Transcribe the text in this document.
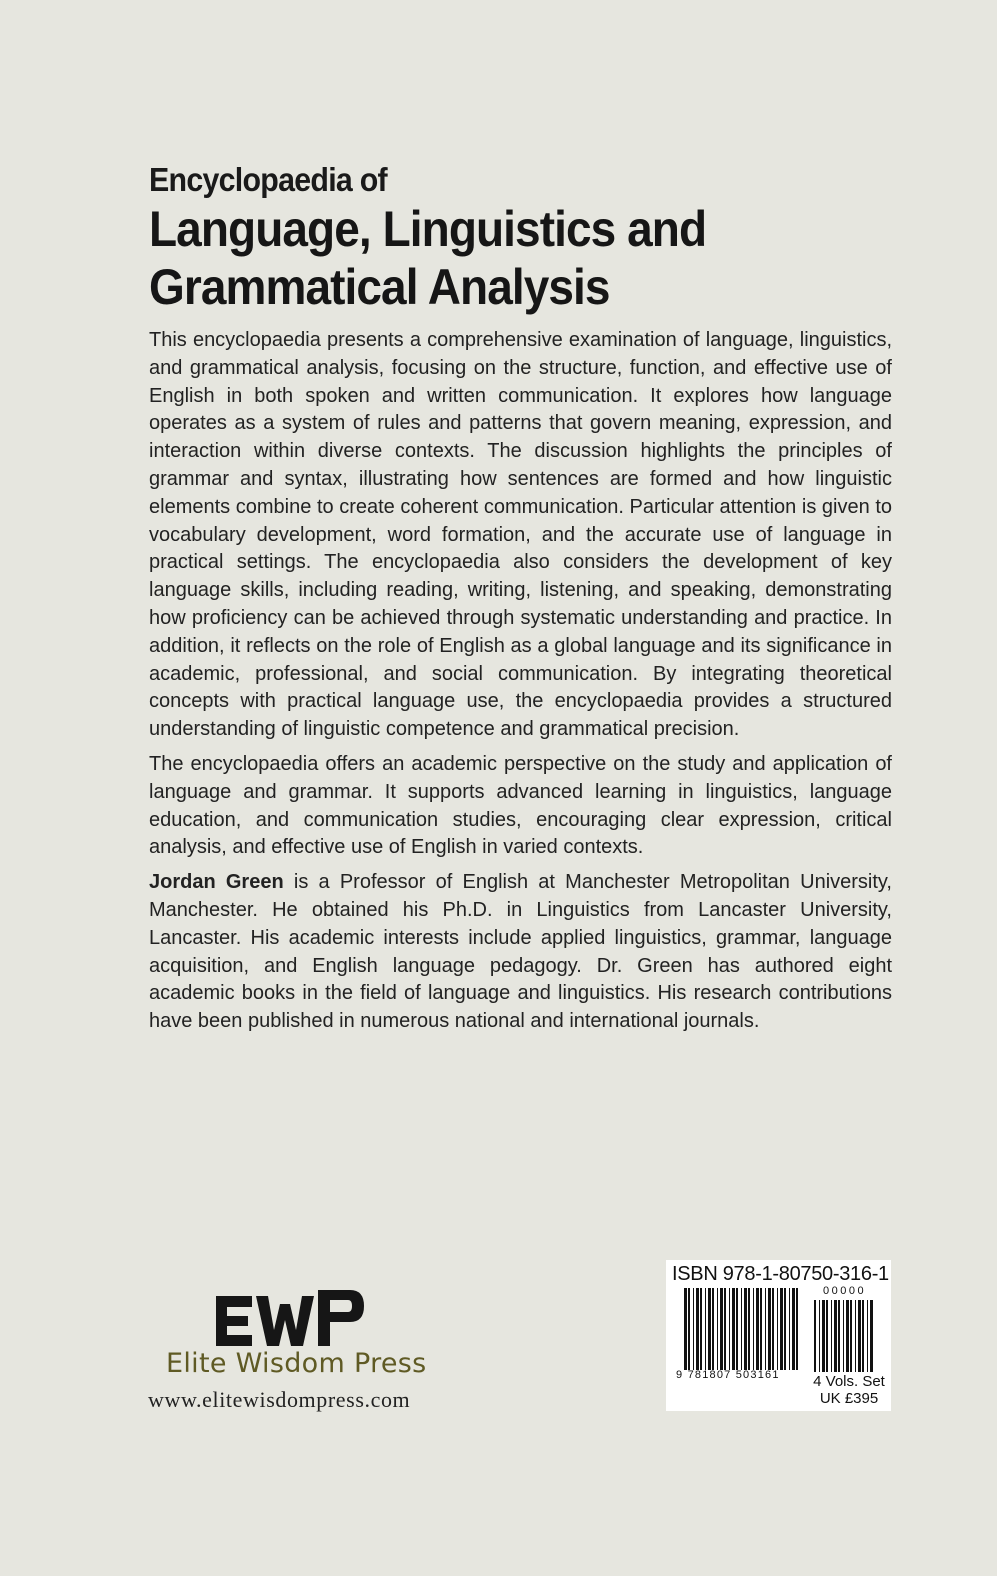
Encyclopaedia of
Language, Linguistics and
Grammatical Analysis

This encyclopaedia presents a comprehensive examination of language, linguistics, and grammatical analysis, focusing on the structure, function, and effective use of English in both spoken and written communication. It explores how language operates as a system of rules and patterns that govern meaning, expression, and interaction within diverse contexts. The discussion highlights the principles of grammar and syntax, illustrating how sentences are formed and how linguistic elements combine to create coherent communication. Particular attention is given to vocabulary development, word formation, and the accurate use of language in practical settings. The encyclopaedia also considers the development of key language skills, including reading, writing, listening, and speaking, demonstrating how proficiency can be achieved through systematic understanding and practice. In addition, it reflects on the role of English as a global language and its significance in academic, professional, and social communication. By integrating theoretical concepts with practical language use, the encyclopaedia provides a structured understanding of linguistic competence and grammatical precision.

The encyclopaedia offers an academic perspective on the study and application of language and grammar. It supports advanced learning in linguistics, language education, and communication studies, encouraging clear expression, critical analysis, and effective use of English in varied contexts.

Jordan Green is a Professor of English at Manchester Metropolitan University, Manchester. He obtained his Ph.D. in Linguistics from Lancaster University, Lancaster. His academic interests include applied linguistics, grammar, language acquisition, and English language pedagogy. Dr. Green has authored eight academic books in the field of language and linguistics. His research contributions have been published in numerous national and international journals.

Elite Wisdom Press
www.elitewisdompress.com
ISBN 978-1-80750-316-1
9 781807 503161
00000
4 Vols. Set
UK £395
